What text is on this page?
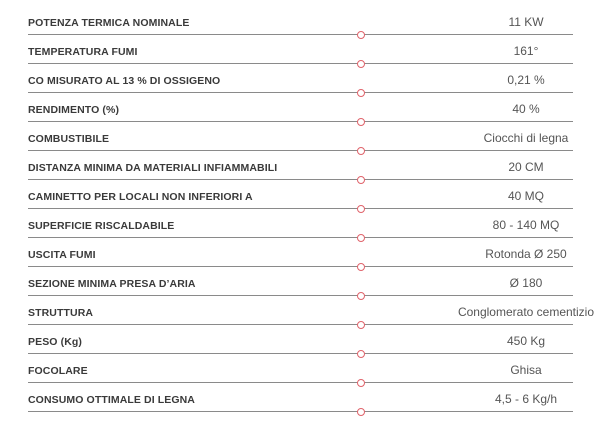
POTENZA TERMICA NOMINALE	11 KW
TEMPERATURA FUMI	161°
CO MISURATO AL 13 % DI OSSIGENO	0,21 %
RENDIMENTO (%)	40 %
COMBUSTIBILE	Ciocchi di legna
DISTANZA MINIMA DA MATERIALI INFIAMMABILI	20 CM
CAMINETTO PER LOCALI NON INFERIORI A	40 MQ
SUPERFICIE RISCALDABILE	80 - 140 MQ
USCITA FUMI	Rotonda Ø 250
SEZIONE MINIMA PRESA D’ARIA	Ø 180
STRUTTURA	Conglomerato cementizio
PESO (Kg)	450 Kg
FOCOLARE	Ghisa
CONSUMO OTTIMALE DI LEGNA	4,5 - 6 Kg/h
